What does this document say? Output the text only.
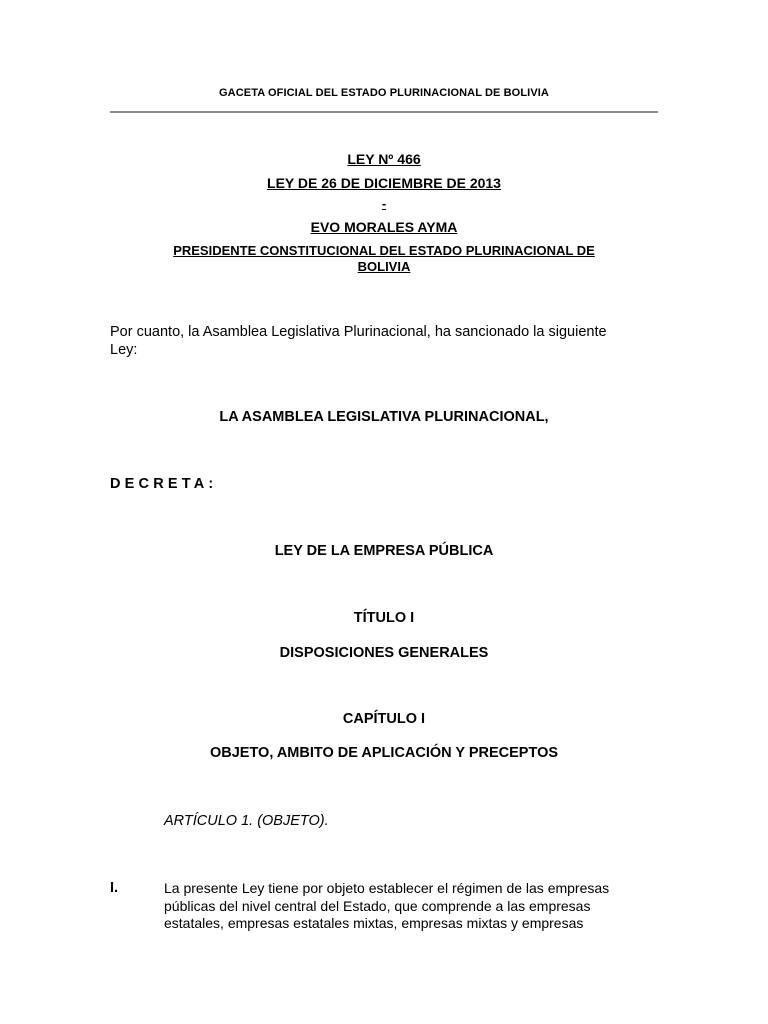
GACETA OFICIAL DEL ESTADO PLURINACIONAL DE BOLIVIA
LEY Nº 466
LEY DE 26 DE DICIEMBRE DE 2013
-
EVO MORALES AYMA
PRESIDENTE CONSTITUCIONAL DEL ESTADO PLURINACIONAL DE
BOLIVIA
Por cuanto, la Asamblea Legislativa Plurinacional, ha sancionado la siguiente
Ley:
LA ASAMBLEA LEGISLATIVA PLURINACIONAL,
DECRETA:
LEY DE LA EMPRESA PÚBLICA
TÍTULO I
DISPOSICIONES GENERALES
CAPÍTULO I
OBJETO, AMBITO DE APLICACIÓN Y PRECEPTOS
ARTÍCULO 1. (OBJETO).
I.	La presente Ley tiene por objeto establecer el régimen de las empresas
públicas del nivel central del Estado, que comprende a las empresas
estatales, empresas estatales mixtas, empresas mixtas y empresas
